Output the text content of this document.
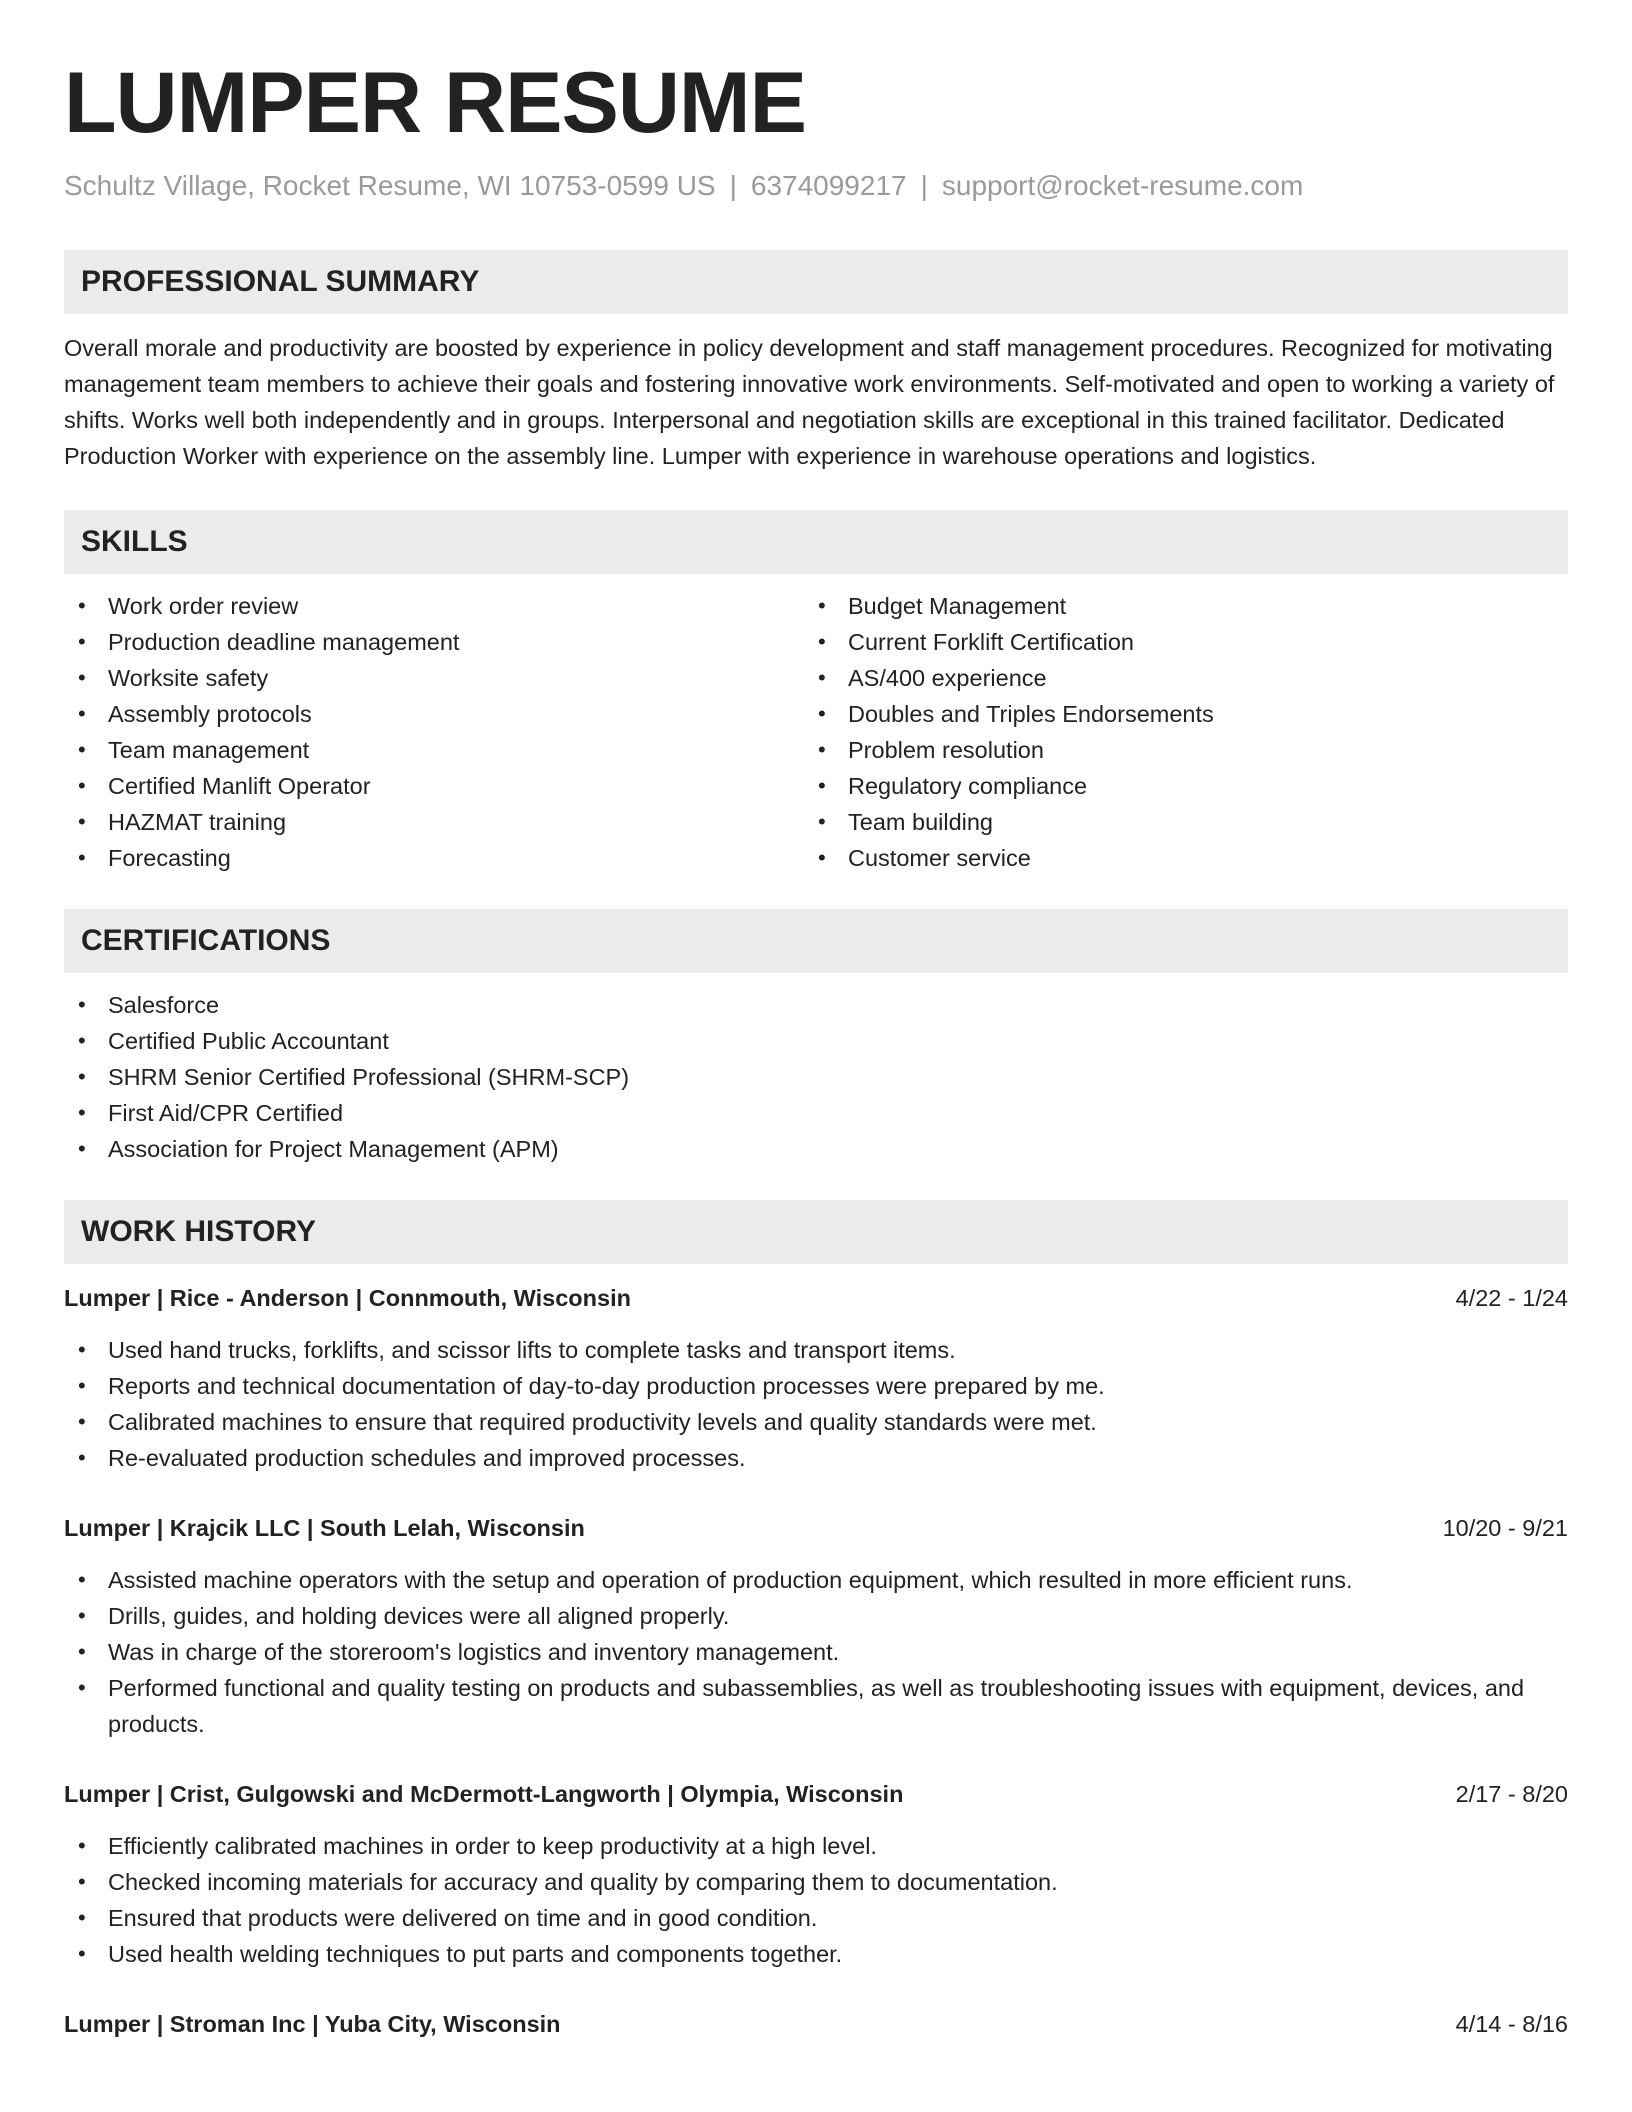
LUMPER RESUME
Schultz Village, Rocket Resume, WI 10753-0599 US | 6374099217 | support@rocket-resume.com
PROFESSIONAL SUMMARY

Overall morale and productivity are boosted by experience in policy development and staff management procedures. Recognized for motivating management team members to achieve their goals and fostering innovative work environments. Self-motivated and open to working a variety of shifts. Works well both independently and in groups. Interpersonal and negotiation skills are exceptional in this trained facilitator. Dedicated Production Worker with experience on the assembly line. Lumper with experience in warehouse operations and logistics.

SKILLS
• Work order review
• Production deadline management
• Worksite safety
• Assembly protocols
• Team management
• Certified Manlift Operator
• HAZMAT training
• Forecasting
• Budget Management
• Current Forklift Certification
• AS/400 experience
• Doubles and Triples Endorsements
• Problem resolution
• Regulatory compliance
• Team building
• Customer service
CERTIFICATIONS
• Salesforce
• Certified Public Accountant
• SHRM Senior Certified Professional (SHRM-SCP)
• First Aid/CPR Certified
• Association for Project Management (APM)
WORK HISTORY
Lumper | Rice - Anderson | Connmouth, Wisconsin	4/22 - 1/24
• Used hand trucks, forklifts, and scissor lifts to complete tasks and transport items.
• Reports and technical documentation of day-to-day production processes were prepared by me.
• Calibrated machines to ensure that required productivity levels and quality standards were met.
• Re-evaluated production schedules and improved processes.
Lumper | Krajcik LLC | South Lelah, Wisconsin	10/20 - 9/21
• Assisted machine operators with the setup and operation of production equipment, which resulted in more efficient runs.
• Drills, guides, and holding devices were all aligned properly.
• Was in charge of the storeroom's logistics and inventory management.
• Performed functional and quality testing on products and subassemblies, as well as troubleshooting issues with equipment, devices, and products.
Lumper | Crist, Gulgowski and McDermott-Langworth | Olympia, Wisconsin	2/17 - 8/20
• Efficiently calibrated machines in order to keep productivity at a high level.
• Checked incoming materials for accuracy and quality by comparing them to documentation.
• Ensured that products were delivered on time and in good condition.
• Used health welding techniques to put parts and components together.
Lumper | Stroman Inc | Yuba City, Wisconsin	4/14 - 8/16
